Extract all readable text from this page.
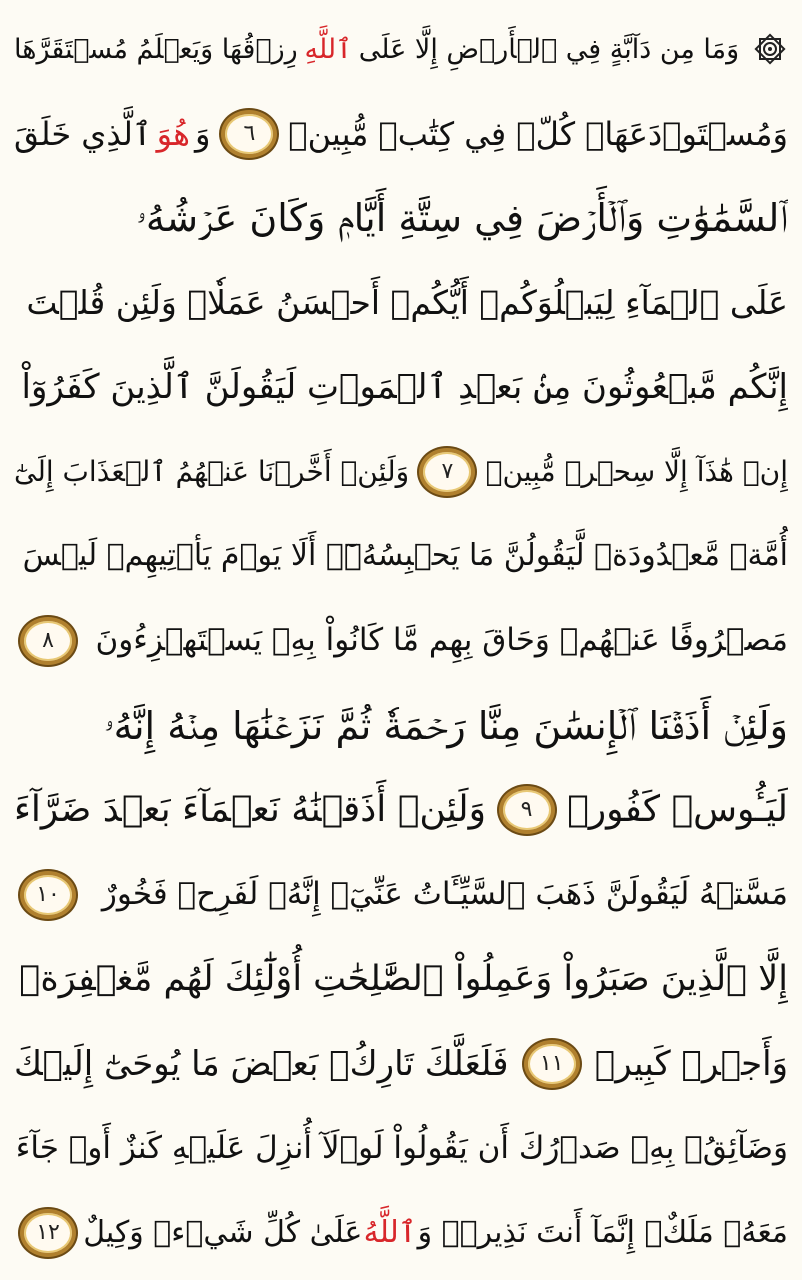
وَمَا مِن دَآبَّةٍ فِي ٱلۡأَرۡضِ إِلَّا عَلَى
ٱللَّهِ
رِزۡقُهَا وَيَعۡلَمُ مُسۡتَقَرَّهَا
وَمُسۡتَوۡدَعَهَاۚ كُلّٞ فِي كِتَٰبٖ مُّبِينٖ
٦
وَ
هُوَ
ٱلَّذِي خَلَقَ
ٱلسَّمَٰوَٰتِ وَٱلۡأَرۡضَ فِي سِتَّةِ أَيَّامٖ وَكَانَ عَرۡشُهُۥ
عَلَى ٱلۡمَآءِ لِيَبۡلُوَكُمۡ أَيُّكُمۡ أَحۡسَنُ عَمَلٗاۗ وَلَئِن قُلۡتَ
إِنَّكُم مَّبۡعُوثُونَ مِنۢ بَعۡدِ ٱلۡمَوۡتِ لَيَقُولَنَّ ٱلَّذِينَ كَفَرُوٓاْ
إِنۡ هَٰذَآ إِلَّا سِحۡرٞ مُّبِينٞ
٧
وَلَئِنۡ أَخَّرۡنَا عَنۡهُمُ ٱلۡعَذَابَ إِلَىٰٓ
أُمَّةٖ مَّعۡدُودَةٖ لَّيَقُولُنَّ مَا يَحۡبِسُهُۥٓۗ أَلَا يَوۡمَ يَأۡتِيهِمۡ لَيۡسَ
مَصۡرُوفًا عَنۡهُمۡ وَحَاقَ بِهِم مَّا كَانُواْ بِهِۦ يَسۡتَهۡزِءُونَ
٨
وَلَئِنۡ أَذَقۡنَا ٱلۡإِنسَٰنَ مِنَّا رَحۡمَةٗ ثُمَّ نَزَعۡنَٰهَا مِنۡهُ إِنَّهُۥ
لَيَـُٔوسٞ كَفُورٞ
٩
وَلَئِنۡ أَذَقۡنَٰهُ نَعۡمَآءَ بَعۡدَ ضَرَّآءَ
مَسَّتۡهُ لَيَقُولَنَّ ذَهَبَ ٱلسَّيِّـَٔاتُ عَنِّيٓۚ إِنَّهُۥ لَفَرِحٞ فَخُورٌ
١٠
إِلَّا ٱلَّذِينَ صَبَرُواْ وَعَمِلُواْ ٱلصَّٰلِحَٰتِ أُوْلَٰٓئِكَ لَهُم مَّغۡفِرَةٞ
وَأَجۡرٞ كَبِيرٞ
١١
فَلَعَلَّكَ تَارِكُۢ بَعۡضَ مَا يُوحَىٰٓ إِلَيۡكَ
وَضَآئِقُۢ بِهِۦ صَدۡرُكَ أَن يَقُولُواْ لَوۡلَآ أُنزِلَ عَلَيۡهِ كَنزٌ أَوۡ جَآءَ
مَعَهُۥ مَلَكٌۚ إِنَّمَآ أَنتَ نَذِيرٞۚ وَ
ٱللَّهُ
عَلَىٰ كُلِّ شَيۡءٖ وَكِيلٌ
١٢
